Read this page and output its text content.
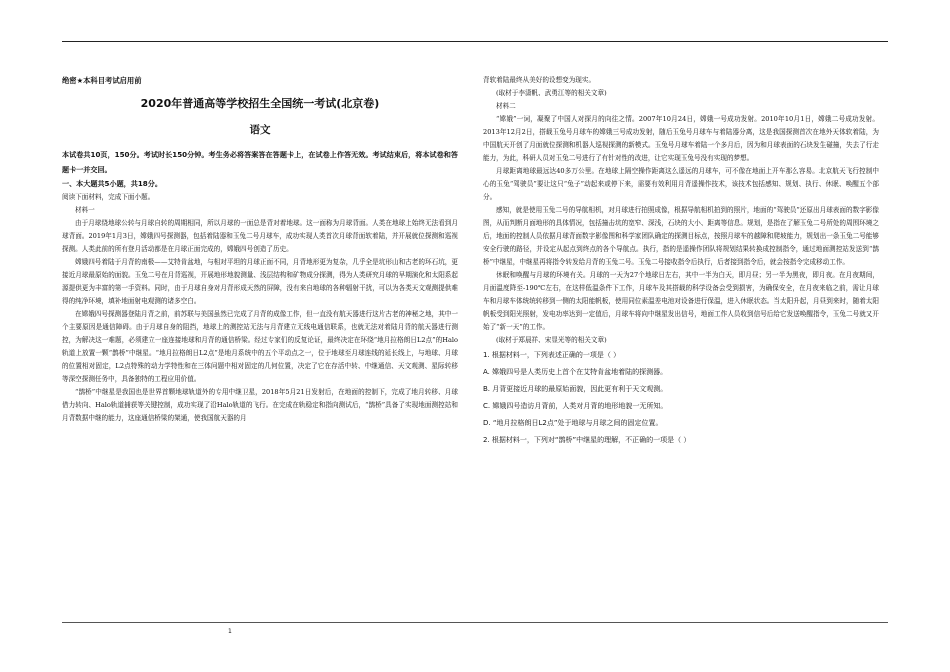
绝密★本科目考试启用前

2020年普通高等学校招生全国统一考试(北京卷)
语文

本试卷共10页，150分。考试时长150分钟。考生务必将答案答在答题卡上，在试卷上作答无效。考试结束后，将本试卷和答题卡一并交回。

一、本大题共5小题，共18分。

阅读下面材料，完成下面小题。

材料一

由于月球绕地球公转与月球自转的周期相同，所以月球的一面总是背对着地球。这一面称为月球背面。人类在地球上始终无法看到月球背面。2019年1月3日，嫦娥四号探测器，包括着陆器和玉兔二号月球车，成功实现人类首次月球背面软着陆，并开展就位探测和巡视探测。人类此前的所有登月活动都是在月球正面完成的，嫦娥四号创造了历史。

嫦娥四号着陆于月背的南极——艾特肯盆地，与相对平坦的月球正面不同，月背地形更为复杂，几乎全是坑形山和古老的环石坑，更接近月球最原始的面貌。玉兔二号在月背巡视，开展地形地貌测量、浅层结构和矿物成分探测，得为人类研究月球的早期演化和太阳系起源提供更为丰富的第一手资料。同时，由于月球自身对月背形成天然的屏障，没有来自地球的各种辐射干扰，可以为各类天文观测提供难得的纯净环境，填补地面射电观测的诸多空白。

在嫦娥四号探测器登陆月背之前，前苏联与美国虽然已完成了月背的成像工作，但一直没有航天器进行这片古老的神秘之地，其中一个主要原因是通信障碍。由于月球自身的阻挡，地球上的测控站无法与月背建立无线电通信联系，也就无法对着陆月背的航天器进行测控，为解决这一难题，必须建立一座连接地球和月背的通信桥梁。经过专家们的反复论证，最终决定在环绕“地月拉格朗日L2点”的Halo轨道上放置一颗“鹊桥”中继星。“地月拉格朗日L2点”是地月系统中的五个平动点之一，位于地球至月球连线的延长线上，与地球、月球的位置相对固定，L2点特殊的动力学特性和在三体问题中相对固定的几何位置，决定了它在存活中转、中继通信、天文观测、星际转移等深空探测任务中，具备独特的工程应用价值。

“鹊桥”中继星是我国也是世界首颗地球轨道外的专用中继卫星，2018年5月21日发射后，在地面的控制下，完成了地月转移、月球借力转向、Halo轨道捕获等关键控制，成功实现了沿Halo轨道的飞行。在完成在轨稳定和指向测试后，“鹊桥”具备了实现地面测控站和月背数据中继的能力，这座通信桥梁的架通，使我国航天器的月

背软着陆最终从美好的设想变为现实。

(取材于李潇帆、武勇江等的相关文章)

材料二

“嫦娥”一词，凝聚了中国人对探月的向往之情。2007年10月24日，嫦娥一号成功发射。2010年10月1日，嫦娥二号成功发射。2013年12月2日，搭载玉兔号月球车的嫦娥三号成功发射，随后玉兔号月球车与着陆器分离，这是我国探测首次在地外天体软着陆，为中国航天开创了月面就位探测和机器人巡视探测的新模式。玉兔号月球车着陆一个多月后，因为和月球表面的石块发生碰撞，失去了行走能力，为此，科研人员对玉兔二号进行了有针对性的改进，让它实现玉兔号没有实现的梦想。

月球距离地球最远达40多万公里。在地球上隔空操作距离这么遥远的月球车，可不像在地面上开车那么容易。北京航天飞行控制中心的玉兔“驾驶员”要让这只“兔子”动起来或停下来，需要有效利用月背遥操作技术，该技术包括感知、规划、执行、休眠、唤醒五个部分。

感知，就是使用玉兔二号的导航相机，对月球进行拍照成像，根据导航相机拍到的照片，地面的“驾驶员”还原出月球表面的数字影像图，从而判断月面地形的具体情况，包括撞击坑的宽窄、深浅，石块的大小、距离等信息。规划，是指在了解玉兔二号所处的周围环境之后，地面的控制人员依据月球背面数字影像图和科学家团队确定的探测目标点，按照月球车的越障和爬坡能力，规划出一条玉兔二号能够安全行驶的路径，并设定从起点到终点的各个导航点。执行，指的是遥操作团队将规划结果转换成控制指令，通过地面测控站发送到“鹊桥”中继星，中继星再将指令转发给月背的玉兔二号。玉兔二号接收指令后执行，后者接到指令后，就会按指令完成移动工作。

休眠和唤醒与月球的环境有关。月球的一天为27个地球日左右，其中一半为白天，即月昼；另一半为黑夜，即月夜。在月夜期间，月面温度降至-190℃左右，在这样低温条件下工作，月球车及其搭载的科学设备会受到损害，为确保安全，在月夜来临之前，需让月球车和月球车体统统转移到一侧的太阳能帆板，使用同位素温差电池对设备进行保温，进入休眠状态。当太阳升起，月昼到来时，随着太阳帆板受到阳光照射，发电功率达到一定值后，月球车将向中继星发出信号，地面工作人员收到信号后给它发送唤醒指令，玉兔二号就又开始了“新一天”的工作。

(取材于郑晨祥、宋显光等的相关文章)

1. 根据材料一，下列表述正确的一项是（ ）

A. 嫦娥四号是人类历史上首个在艾特肯盆地着陆的探测器。

B. 月背更接近月球的最原始面貌，因此更有利于天文观测。

C. 嫦娥四号造访月背前，人类对月背的地形地貌一无所知。

D. “地月拉格朗日L2点”处于地球与月球之间的固定位置。

2. 根据材料一，下列对“鹊桥”中继星的理解，不正确的一项是（ ）

1
